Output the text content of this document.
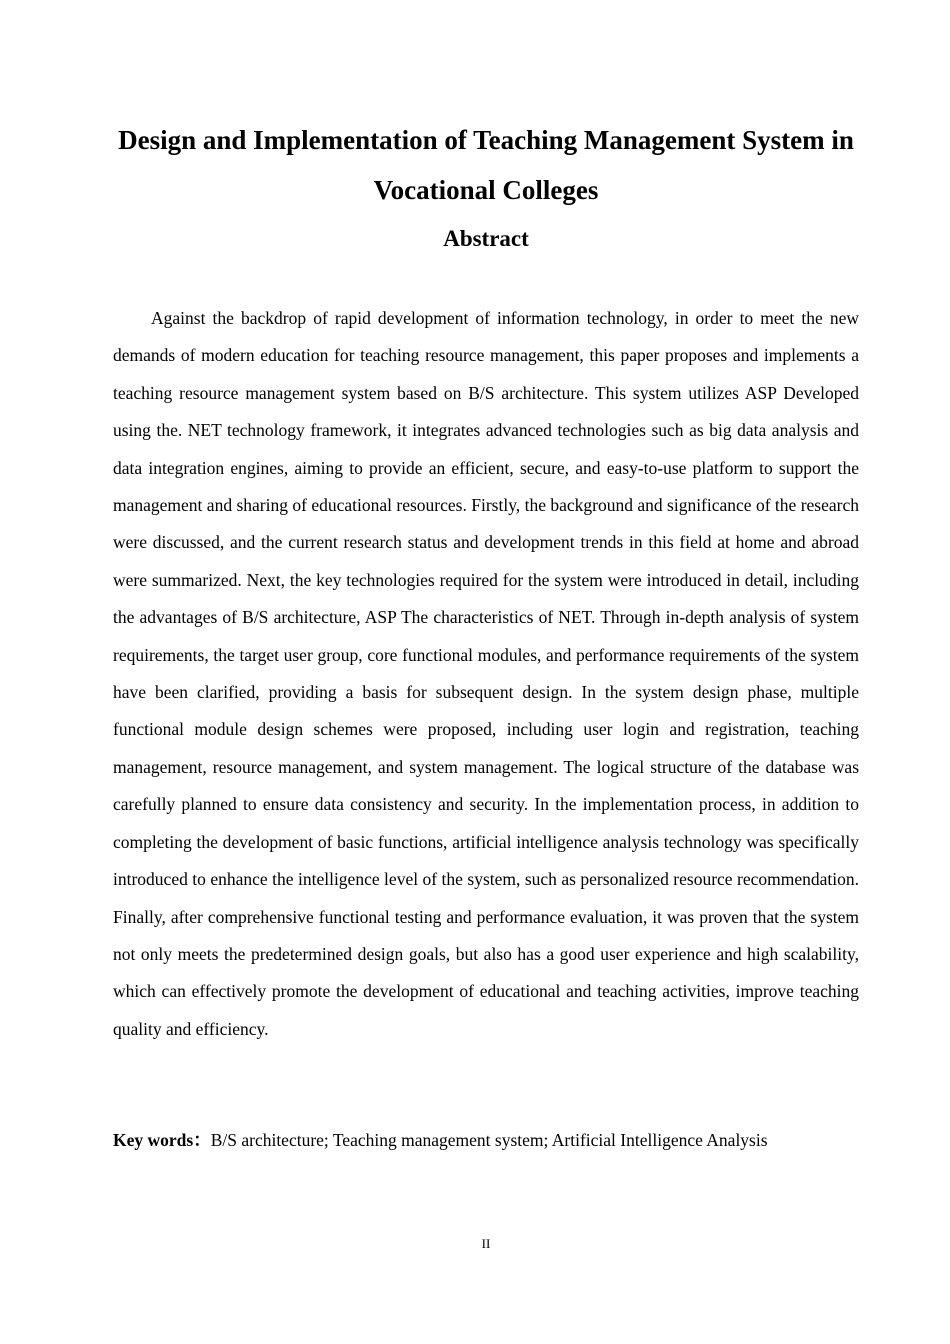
Design and Implementation of Teaching Management System in Vocational Colleges
Abstract

Against the backdrop of rapid development of information technology, in order to meet the new demands of modern education for teaching resource management, this paper proposes and implements a teaching resource management system based on B/S architecture. This system utilizes ASP Developed using the. NET technology framework, it integrates advanced technologies such as big data analysis and data integration engines, aiming to provide an efficient, secure, and easy-to-use platform to support the management and sharing of educational resources. Firstly, the background and significance of the research were discussed, and the current research status and development trends in this field at home and abroad were summarized. Next, the key technologies required for the system were introduced in detail, including the advantages of B/S architecture, ASP The characteristics of NET. Through in-depth analysis of system requirements, the target user group, core functional modules, and performance requirements of the system have been clarified, providing a basis for subsequent design. In the system design phase, multiple functional module design schemes were proposed, including user login and registration, teaching management, resource management, and system management. The logical structure of the database was carefully planned to ensure data consistency and security. In the implementation process, in addition to completing the development of basic functions, artificial intelligence analysis technology was specifically introduced to enhance the intelligence level of the system, such as personalized resource recommendation. Finally, after comprehensive functional testing and performance evaluation, it was proven that the system not only meets the predetermined design goals, but also has a good user experience and high scalability, which can effectively promote the development of educational and teaching activities, improve teaching quality and efficiency.

Key words：B/S architecture; Teaching management system; Artificial Intelligence Analysis

II
